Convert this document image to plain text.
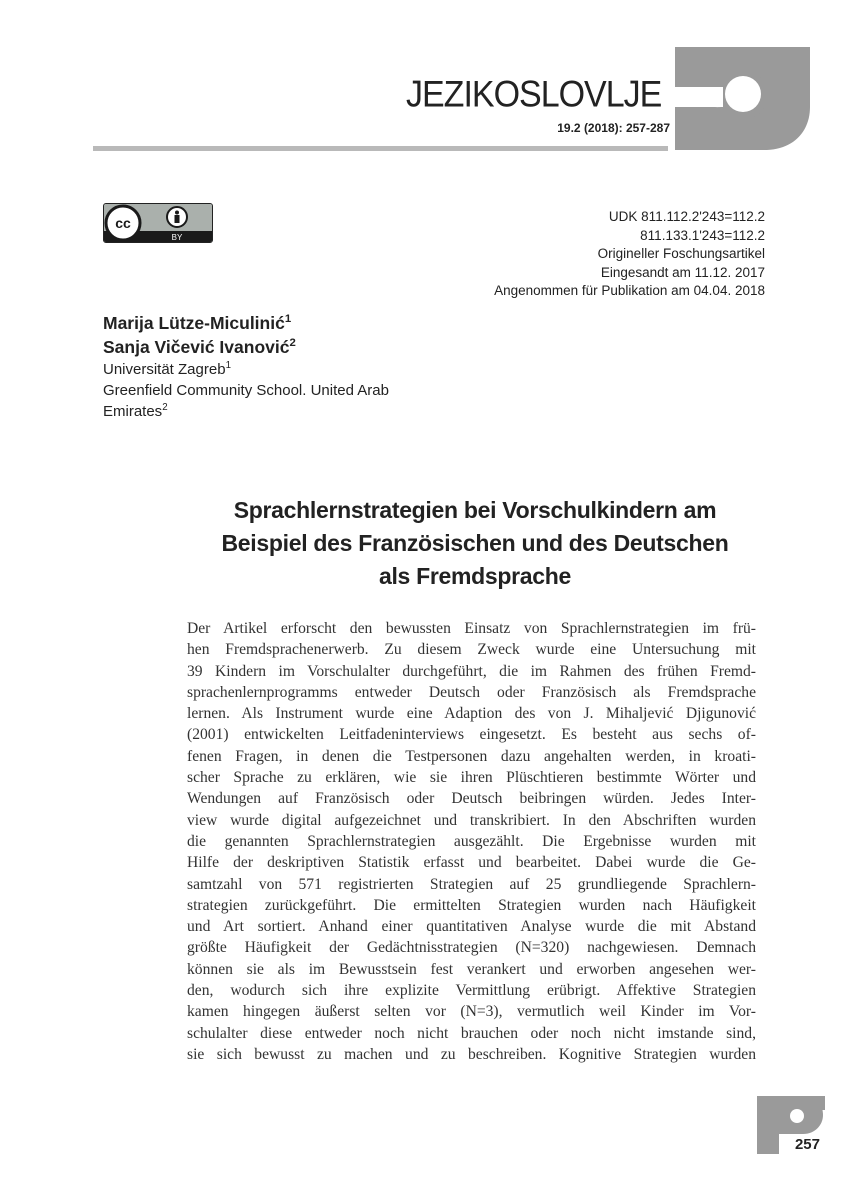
JEZIKOSLOVLJE
19.2 (2018): 257-287
cc
BY
UDK 811.112.2'243=112.2
811.133.1'243=112.2
Origineller Foschungsartikel
Eingesandt am 11.12. 2017
Angenommen für Publikation am 04.04. 2018
Marija Lütze-Miculinić$^1$
Sanja Vičević Ivanović$^2$
Universität Zagreb$^1$
Greenfield Community School. United Arab
Emirates$^2$
Sprachlernstrategien bei Vorschulkindern am
Beispiel des Französischen und des Deutschen
als Fremdsprache
Der Artikel erforscht den bewussten Einsatz von Sprachlernstrategien im frü-
hen Fremdsprachenerwerb. Zu diesem Zweck wurde eine Untersuchung mit
39 Kindern im Vorschulalter durchgeführt, die im Rahmen des frühen Fremd-
sprachenlernprogramms entweder Deutsch oder Französisch als Fremdsprache
lernen. Als Instrument wurde eine Adaption des von J. Mihaljević Djigunović
(2001) entwickelten Leitfadeninterviews eingesetzt. Es besteht aus sechs of-
fenen Fragen, in denen die Testpersonen dazu angehalten werden, in kroati-
scher Sprache zu erklären, wie sie ihren Plüschtieren bestimmte Wörter und
Wendungen auf Französisch oder Deutsch beibringen würden. Jedes Inter-
view wurde digital aufgezeichnet und transkribiert. In den Abschriften wurden
die genannten Sprachlernstrategien ausgezählt. Die Ergebnisse wurden mit
Hilfe der deskriptiven Statistik erfasst und bearbeitet. Dabei wurde die Ge-
samtzahl von 571 registrierten Strategien auf 25 grundliegende Sprachlern-
strategien zurückgeführt. Die ermittelten Strategien wurden nach Häufigkeit
und Art sortiert. Anhand einer quantitativen Analyse wurde die mit Abstand
größte Häufigkeit der Gedächtnisstrategien (N=320) nachgewiesen. Demnach
können sie als im Bewusstsein fest verankert und erworben angesehen wer-
den, wodurch sich ihre explizite Vermittlung erübrigt. Affektive Strategien
kamen hingegen äußerst selten vor (N=3), vermutlich weil Kinder im Vor-
schulalter diese entweder noch nicht brauchen oder noch nicht imstande sind,
sie sich bewusst zu machen und zu beschreiben. Kognitive Strategien wurden
257
